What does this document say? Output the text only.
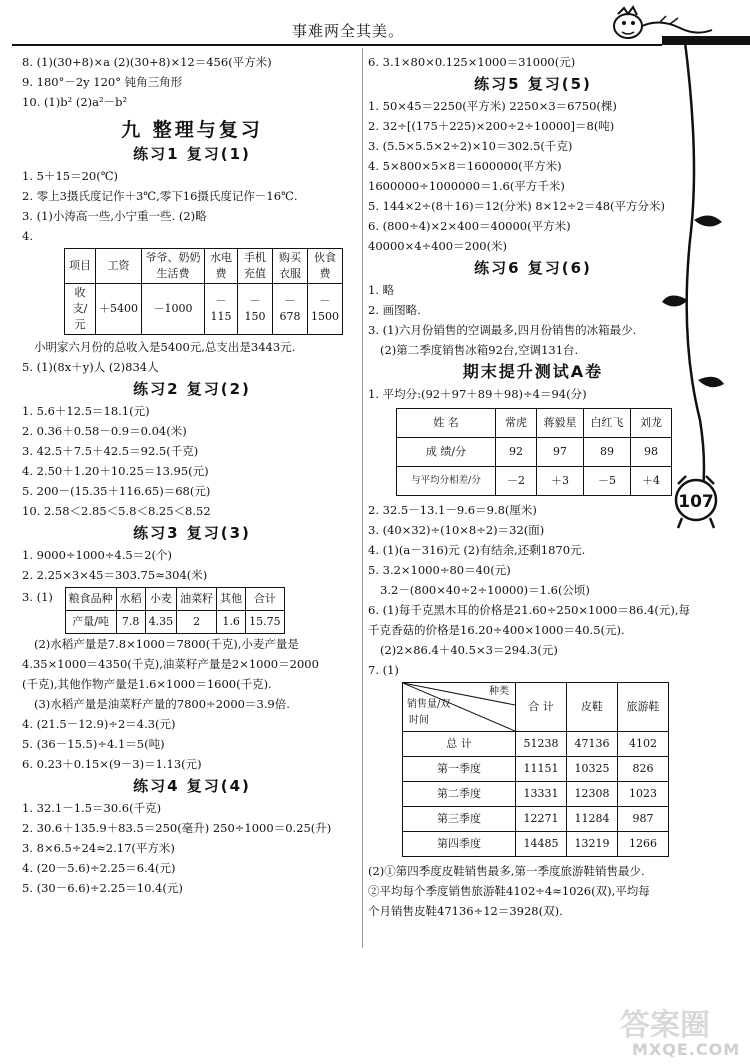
事难两全其美。
107
8. (1)(30+8)×a (2)(30+8)×12＝456(平方米)
9. 180°－2y 120° 钝角三角形
10. (1)b² (2)a²－b²
九 整理与复习
练习1 复习(1)
1. 5＋15＝20(℃)
2. 零上3摄氏度记作＋3℃,零下16摄氏度记作－16℃.
3. (1)小涛高一些,小宁重一些. (2)略
4.
项目	工资	爷爷、奶奶生活费	水电费	手机充值	购买衣服	伙食费
收支/元	＋5400	－1000	－115	－150	－678	－1500
小明家六月份的总收入是5400元,总支出是3443元.
5. (1)(8x＋y)人 (2)834人
练习2 复习(2)
1. 5.6＋12.5＝18.1(元)
2. 0.36＋0.58－0.9＝0.04(米)
3. 42.5＋7.5＋42.5＝92.5(千克)
4. 2.50＋1.20＋10.25＝13.95(元)
5. 200－(15.35＋116.65)＝68(元)
10. 2.58＜2.85＜5.8＜8.25＜8.52
练习3 复习(3)
1. 9000÷1000÷4.5＝2(个)
2. 2.25×3×45＝303.75≈304(米)
3. (1) 粮食品种	水稻	小麦	油菜籽	其他	合计
产量/吨	7.8	4.35	2	1.6	15.75
(2)水稻产量是7.8×1000＝7800(千克),小麦产量是
4.35×1000＝4350(千克),油菜籽产量是2×1000＝2000
(千克),其他作物产量是1.6×1000＝1600(千克).
(3)水稻产量是油菜籽产量的7800÷2000＝3.9倍.
4. (21.5－12.9)÷2＝4.3(元)
5. (36－15.5)÷4.1＝5(吨)
6. 0.23＋0.15×(9－3)＝1.13(元)
练习4 复习(4)
1. 32.1－1.5＝30.6(千克)
2. 30.6＋135.9＋83.5＝250(毫升) 250÷1000＝0.25(升)
3. 8×6.5÷24≈2.17(平方米)
4. (20－5.6)÷2.25＝6.4(元)
5. (30－6.6)÷2.25＝10.4(元)
6. 3.1×80×0.125×1000＝31000(元)
练习5 复习(5)
1. 50×45＝2250(平方米) 2250×3＝6750(棵)
2. 32÷[(175＋225)×200÷2÷10000]＝8(吨)
3. (5.5×5.5×2÷2)×10＝302.5(千克)
4. 5×800×5×8＝1600000(平方米)
1600000÷1000000＝1.6(平方千米)
5. 144×2÷(8＋16)＝12(分米) 8×12÷2＝48(平方分米)
6. (800÷4)×2×400＝40000(平方米)
40000×4÷400＝200(米)
练习6 复习(6)
1. 略
2. 画图略.
3. (1)六月份销售的空调最多,四月份销售的冰箱最少.
(2)第二季度销售冰箱92台,空调131台.
期末提升测试A卷
1. 平均分:(92＋97＋89＋98)÷4＝94(分)
姓 名	常虎	蒋毅星	白红飞	刘龙
成 绩/分	92	97	89	98
与平均分相差/分	－2	＋3	－5	＋4
2. 32.5－13.1－9.6＝9.8(厘米)
3. (40×32)÷(10×8÷2)＝32(面)
4. (1)(a－316)元 (2)有结余,还剩1870元.
5. 3.2×1000÷80＝40(元)
3.2－(800×40÷2÷10000)＝1.6(公顷)
6. (1)每千克黑木耳的价格是21.60÷250×1000＝86.4(元),每
千克香菇的价格是16.20÷400×1000＝40.5(元).
(2)2×86.4＋40.5×3＝294.3(元)
7. (1)
种类
销售量/双
时间	合 计	皮鞋	旅游鞋
总 计	51238	47136	4102
第一季度	11151	10325	826
第二季度	13331	12308	1023
第三季度	12271	11284	987
第四季度	14485	13219	1266
(2)①第四季度皮鞋销售最多,第一季度旅游鞋销售最少.
②平均每个季度销售旅游鞋4102÷4≈1026(双),平均每
个月销售皮鞋47136÷12＝3928(双).
答案圈
MXQE.COM
